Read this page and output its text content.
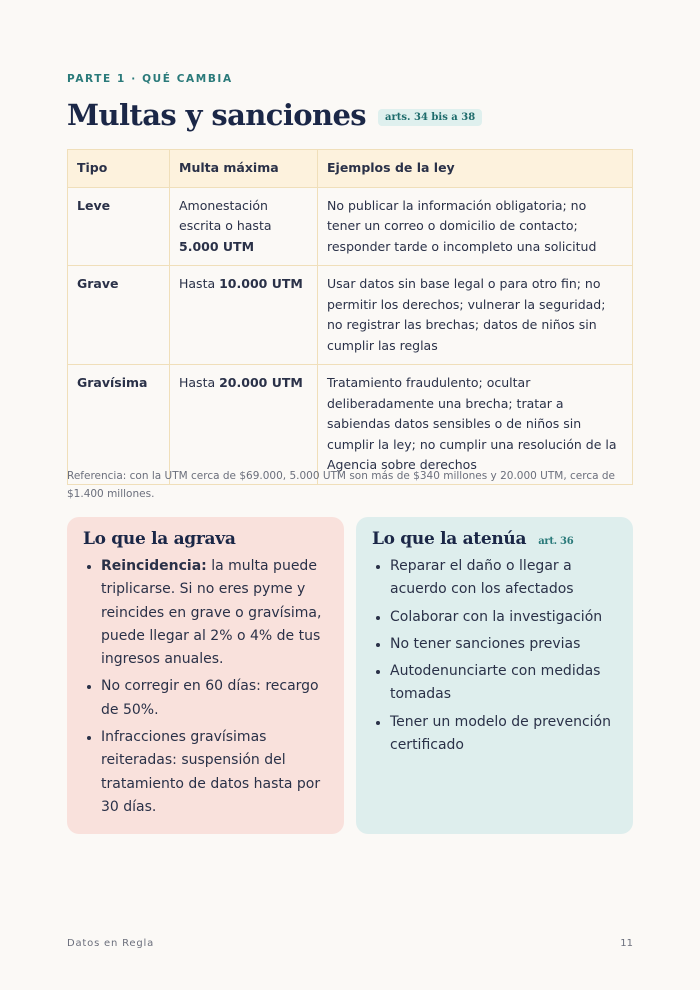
PARTE 1 · QUÉ CAMBIA
Multas y sanciones	arts. 34 bis a 38
Tipo	Multa máxima	Ejemplos de la ley
Leve	Amonestación escrita o hasta 5.000 UTM	No publicar la información obligatoria; no tener un correo o domicilio de contacto; responder tarde o incompleto una solicitud
Grave	Hasta 10.000 UTM	Usar datos sin base legal o para otro fin; no permitir los derechos; vulnerar la seguridad; no registrar las brechas; datos de niños sin cumplir las reglas
Gravísima	Hasta 20.000 UTM	Tratamiento fraudulento; ocultar deliberadamente una brecha; tratar a sabiendas datos sensibles o de niños sin cumplir la ley; no cumplir una resolución de la Agencia sobre derechos
Referencia: con la UTM cerca de $69.000, 5.000 UTM son más de $340 millones y 20.000 UTM, cerca de $1.400 millones.
Lo que la agrava
• Reincidencia: la multa puede triplicarse. Si no eres pyme y reincides en grave o gravísima, puede llegar al 2% o 4% de tus ingresos anuales.
• No corregir en 60 días: recargo de 50%.
• Infracciones gravísimas reiteradas: suspensión del tratamiento de datos hasta por 30 días.
Lo que la atenúa art. 36
• Reparar el daño o llegar a acuerdo con los afectados
• Colaborar con la investigación
• No tener sanciones previas
• Autodenunciarte con medidas tomadas
• Tener un modelo de prevención certificado
Datos en Regla	11
